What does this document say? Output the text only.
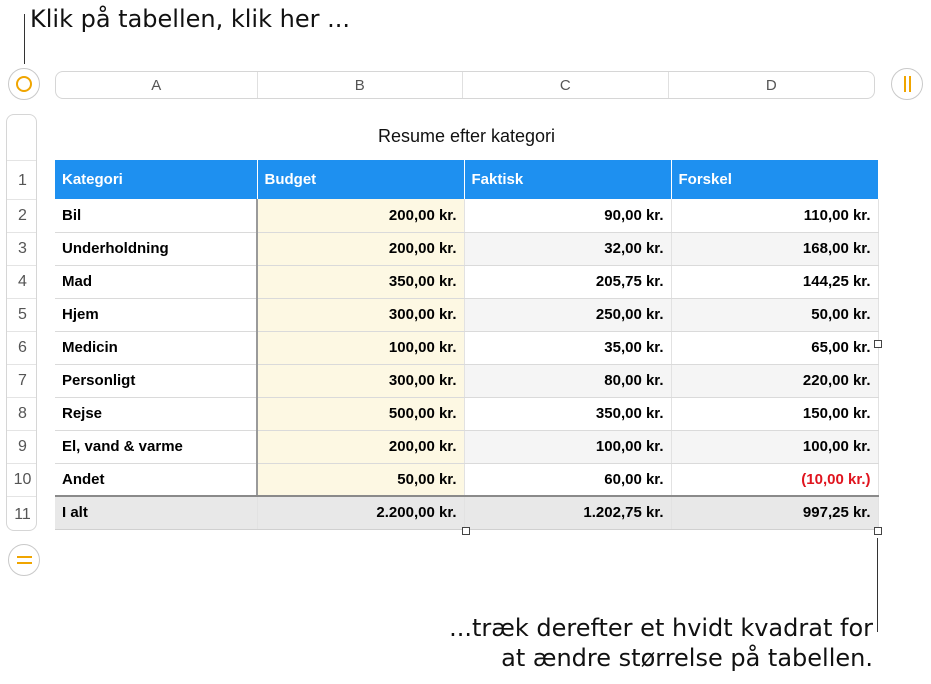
Klik på tabellen, klik her ...
...træk derefter et hvidt kvadrat for
at ændre størrelse på tabellen.
A	B	C	D
1
2
3
4
5
6
7
8
9
10
11
Resume efter kategori
Kategori	Budget	Faktisk	Forskel
Bil	200,00 kr.	90,00 kr.	110,00 kr.
Underholdning	200,00 kr.	32,00 kr.	168,00 kr.
Mad	350,00 kr.	205,75 kr.	144,25 kr.
Hjem	300,00 kr.	250,00 kr.	50,00 kr.
Medicin	100,00 kr.	35,00 kr.	65,00 kr.
Personligt	300,00 kr.	80,00 kr.	220,00 kr.
Rejse	500,00 kr.	350,00 kr.	150,00 kr.
El, vand & varme	200,00 kr.	100,00 kr.	100,00 kr.
Andet	50,00 kr.	60,00 kr.	(10,00 kr.)
I alt	2.200,00 kr.	1.202,75 kr.	997,25 kr.
